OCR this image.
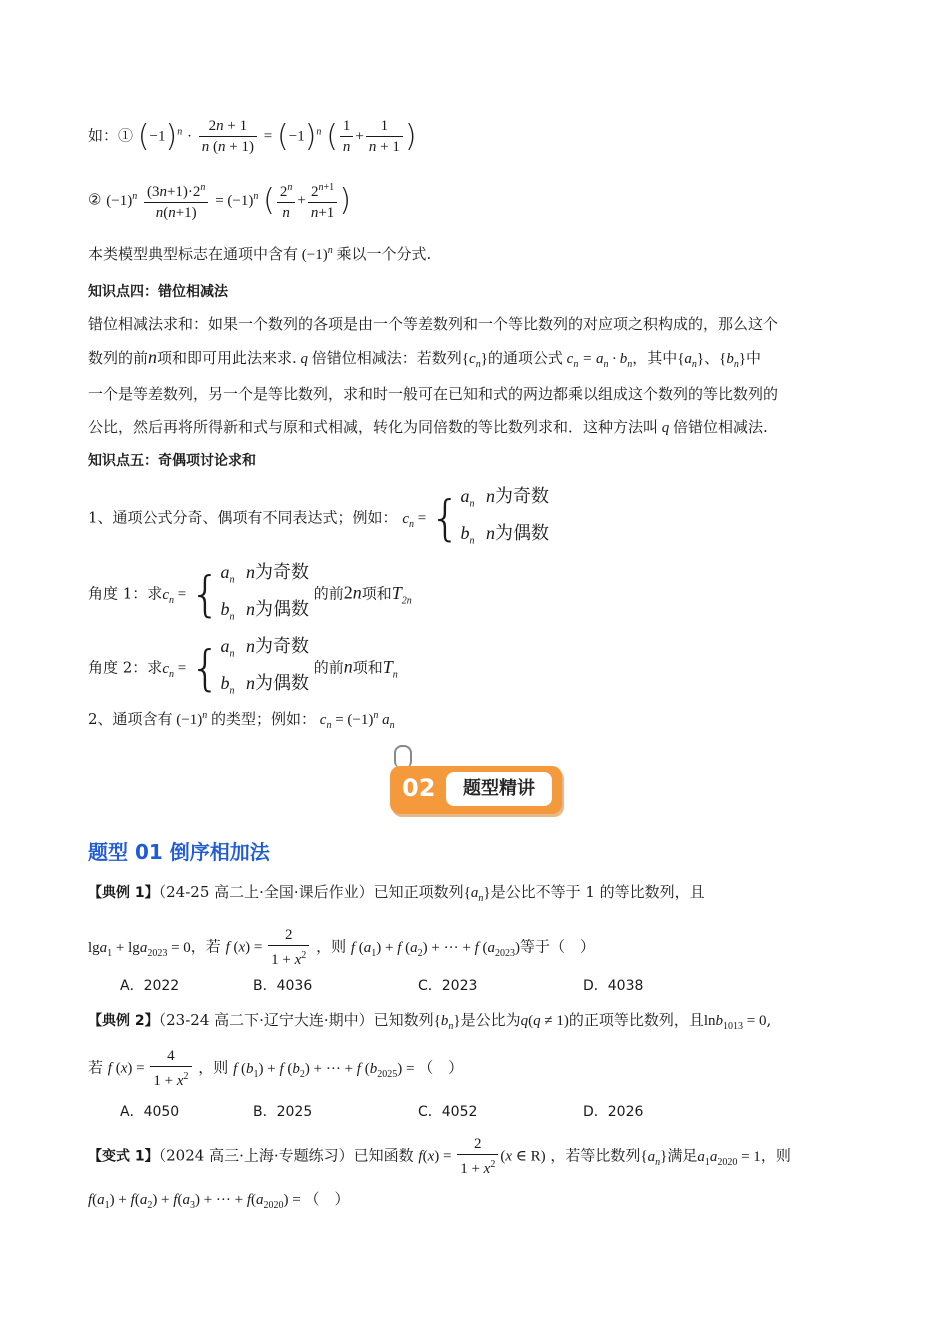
如：① $(-1)^n \cdot \frac{2n + 1}{n (n + 1)} = (-1)^n$ ( $\frac{1}{n} + \frac{1}{n + 1}$ )
② $(-1)^n \frac{(3n+1)\cdot 2^n}{n(n+1)} = (-1)^n$ ( $\frac{2^n}{n} + \frac{2^{n+1}}{n+1}$ )
本类模型典型标志在通项中含有 $(-1)^n$ 乘以一个分式.
知识点四：错位相减法
错位相减法求和：如果一个数列的各项是由一个等差数列和一个等比数列的对应项之积构成的，那么这个
数列的前n项和即可用此法来求. q 倍错位相减法：若数列$\{c_n\}$的通项公式 $c_n = a_n \cdot b_n$，其中$\{a_n\}$、$\{b_n\}$中
一个是等差数列，另一个是等比数列，求和时一般可在已知和式的两边都乘以组成这个数列的等比数列的
公比，然后再将所得新和式与原和式相减，转化为同倍数的等比数列求和．这种方法叫 q 倍错位相减法.
知识点五：奇偶项讨论求和
1、通项公式分奇、偶项有不同表达式；例如： $c_n$ = { $a_n$ n为奇数
$b_n$ n为偶数
角度 1：求$c_n$ = { $a_n$ n为奇数
$b_n$ n为偶数
的前2n项和$T_{2n}$
角度 2：求$c_n$ = { $a_n$ n为奇数
$b_n$ n为偶数
的前n项和$T_n$
2、通项含有 $(-1)^n$ 的类型；例如： $c_n = (-1)^n$ $a_n$
02	题型精讲
题型 01 倒序相加法
【典例 1】（24-25 高二上·全国·课后作业）已知正项数列$\{a_n\}$是公比不等于 1 的等比数列，且
lga$_1$ + lga$_{2023}$ = 0，若 f $(x) = \frac{2}{1 + x^2}$ ，则 f $(a_1) + f$ $(a_2)$ + ··· + f $(a_{2023})$等于（　）
A．2022	B．4036	C．2023	D．4038
【典例 2】（23-24 高二下·辽宁大连·期中）已知数列$\{b_n\}$是公比为q(q ≠ 1)的正项等比数列，且lnb$_{1013}$ = 0,
若 f $(x) = \frac{4}{1 + x^2}$ ，则 f $(b_1) + f$ $(b_2)$ + ··· + f $(b_{2025})$ = （　）
A．4050	B．2025	C．4052	D．2026
【变式 1】（2024 高三·上海·专题练习）已知函数 $f(x) = \frac{2}{1 + x^2} (x$ ∈ R) ，若等比数列$\{a_n\}$满足$a_1a_{2020} = 1$，则
$f(a_1) + f(a_2) + f(a_3)$ + ··· + $f(a_{2020})$ = （　）
